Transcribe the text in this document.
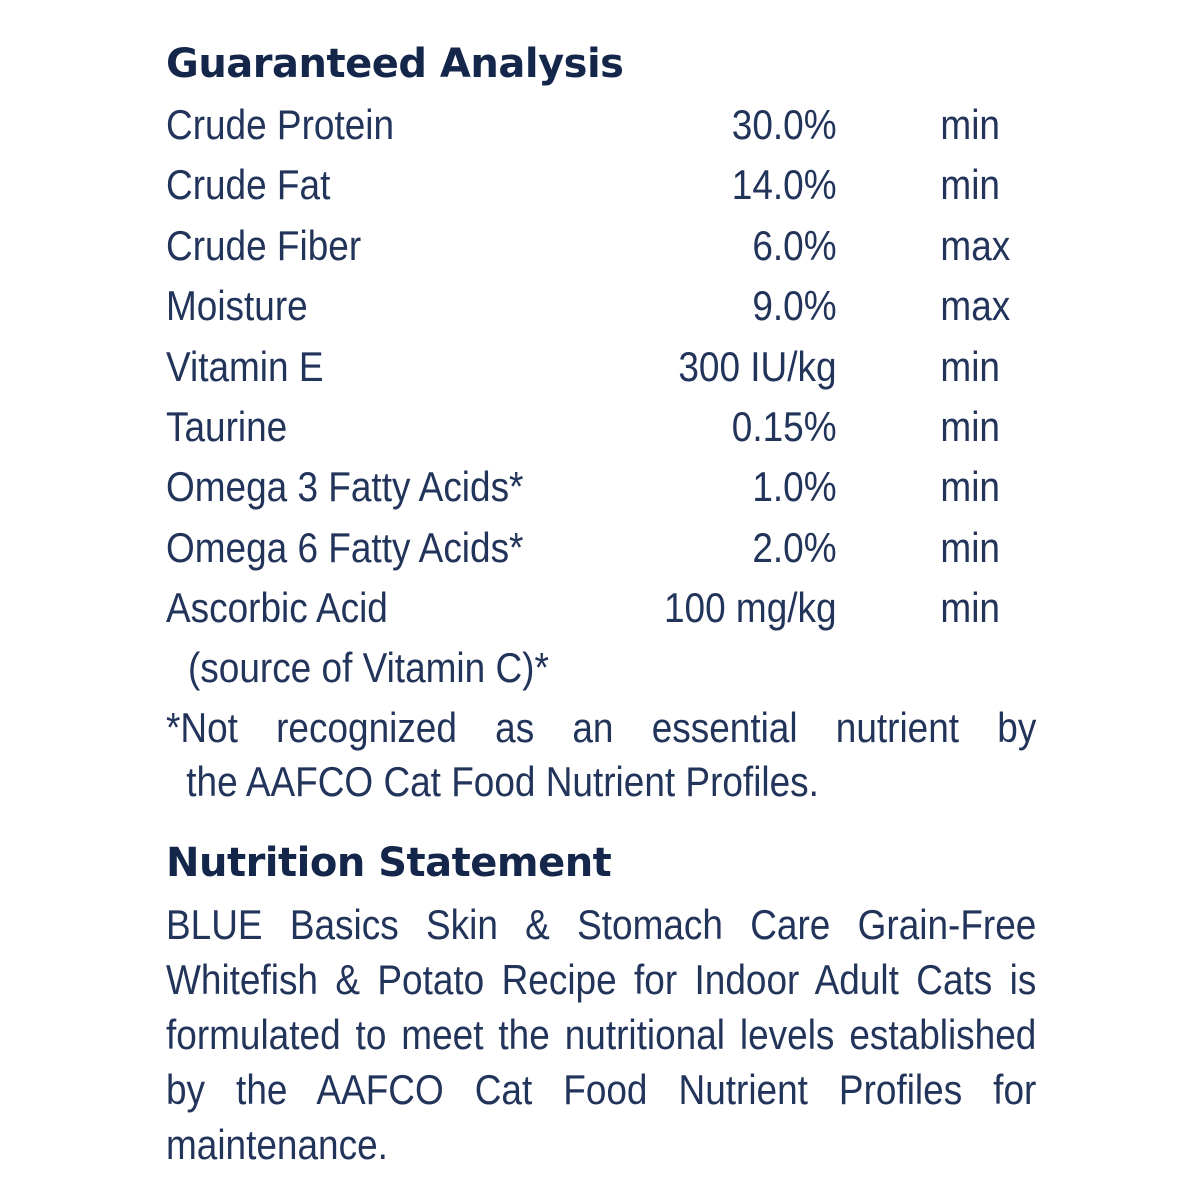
Guaranteed Analysis
Crude Protein	30.0% min
Crude Fat	14.0% min
Crude Fiber	6.0% max
Moisture	9.0% max
Vitamin E	300 IU/kg min
Taurine	0.15% min
Omega 3 Fatty Acids*	1.0% min
Omega 6 Fatty Acids*	2.0% min
Ascorbic Acid	100 mg/kg min
(source of Vitamin C)*
*Not recognized as an essential nutrient by
the AAFCO Cat Food Nutrient Profiles.
Nutrition Statement
BLUE Basics Skin & Stomach Care Grain-Free
Whitefish & Potato Recipe for Indoor Adult Cats is
formulated to meet the nutritional levels established
by the AAFCO Cat Food Nutrient Profiles for
maintenance.
